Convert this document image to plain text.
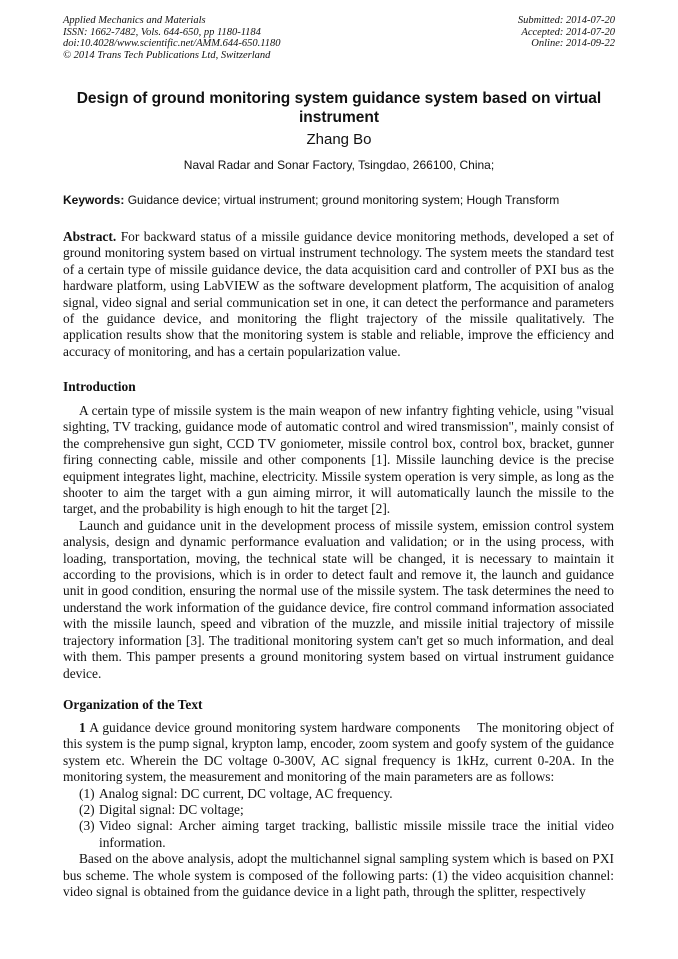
Applied Mechanics and Materials
ISSN: 1662-7482, Vols. 644-650, pp 1180-1184
doi:10.4028/www.scientific.net/AMM.644-650.1180
© 2014 Trans Tech Publications Ltd, Switzerland
Submitted: 2014-07-20
Accepted: 2014-07-20
Online: 2014-09-22
Design of ground monitoring system guidance system based on virtual instrument
Zhang Bo
Naval Radar and Sonar Factory, Tsingdao, 266100, China;
Keywords: Guidance device; virtual instrument; ground monitoring system; Hough Transform
Abstract. For backward status of a missile guidance device monitoring methods, developed a set of ground monitoring system based on virtual instrument technology. The system meets the standard test of a certain type of missile guidance device, the data acquisition card and controller of PXI bus as the hardware platform, using LabVIEW as the software development platform, The acquisition of analog signal, video signal and serial communication set in one, it can detect the performance and parameters of the guidance device, and monitoring the flight trajectory of the missile qualitatively. The application results show that the monitoring system is stable and reliable, improve the efficiency and accuracy of monitoring, and has a certain popularization value.
Introduction

A certain type of missile system is the main weapon of new infantry fighting vehicle, using "visual sighting, TV tracking, guidance mode of automatic control and wired transmission", mainly consist of the comprehensive gun sight, CCD TV goniometer, missile control box, control box, bracket, gunner firing connecting cable, missile and other components [1]. Missile launching device is the precise equipment integrates light, machine, electricity. Missile system operation is very simple, as long as the shooter to aim the target with a gun aiming mirror, it will automatically launch the missile to the target, and the probability is high enough to hit the target [2].

Launch and guidance unit in the development process of missile system, emission control system analysis, design and dynamic performance evaluation and validation; or in the using process, with loading, transportation, moving, the technical state will be changed, it is necessary to maintain it according to the provisions, which is in order to detect fault and remove it, the launch and guidance unit in good condition, ensuring the normal use of the missile system. The task determines the need to understand the work information of the guidance device, fire control command information associated with the missile launch, speed and vibration of the muzzle, and missile initial trajectory of missile trajectory information [3]. The traditional monitoring system can't get so much information, and deal with them. This pamper presents a ground monitoring system based on virtual instrument guidance device.

Organization of the Text

1 A guidance device ground monitoring system hardware components    The monitoring object of this system is the pump signal, krypton lamp, encoder, zoom system and goofy system of the guidance system etc. Wherein the DC voltage 0-300V, AC signal frequency is 1kHz, current 0-20A. In the monitoring system, the measurement and monitoring of the main parameters are as follows:

(1) Analog signal: DC current, DC voltage, AC frequency.
(2) Digital signal: DC voltage;
(3) Video signal: Archer aiming target tracking, ballistic missile missile trace the initial video information.

Based on the above analysis, adopt the multichannel signal sampling system which is based on PXI bus scheme. The whole system is composed of the following parts: (1) the video acquisition channel: video signal is obtained from the guidance device in a light path, through the splitter, respectively
